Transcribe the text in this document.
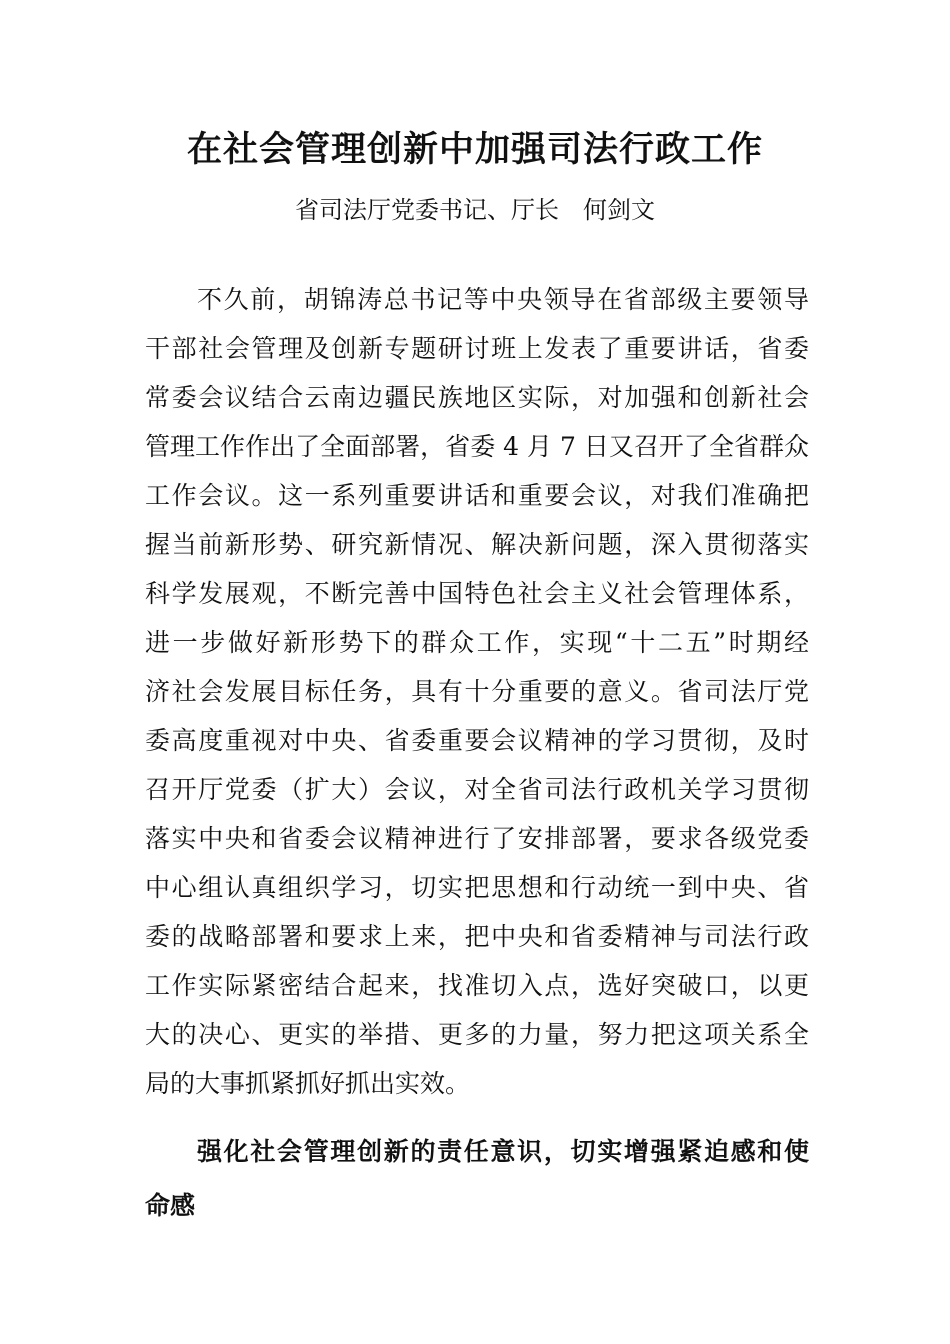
在社会管理创新中加强司法行政工作

省司法厅党委书记、厅长　何剑文

不久前，胡锦涛总书记等中央领导在省部级主要领导
干部社会管理及创新专题研讨班上发表了重要讲话，省委
常委会议结合云南边疆民族地区实际，对加强和创新社会
管理工作作出了全面部署，省委 4 月 7 日又召开了全省群众
工作会议。这一系列重要讲话和重要会议，对我们准确把
握当前新形势、研究新情况、解决新问题，深入贯彻落实
科学发展观，不断完善中国特色社会主义社会管理体系，
进一步做好新形势下的群众工作，实现“十二五”时期经
济社会发展目标任务，具有十分重要的意义。省司法厅党
委高度重视对中央、省委重要会议精神的学习贯彻，及时
召开厅党委（扩大）会议，对全省司法行政机关学习贯彻
落实中央和省委会议精神进行了安排部署，要求各级党委
中心组认真组织学习，切实把思想和行动统一到中央、省
委的战略部署和要求上来，把中央和省委精神与司法行政
工作实际紧密结合起来，找准切入点，选好突破口，以更
大的决心、更实的举措、更多的力量，努力把这项关系全
局的大事抓紧抓好抓出实效。
强化社会管理创新的责任意识，切实增强紧迫感和使
命感
